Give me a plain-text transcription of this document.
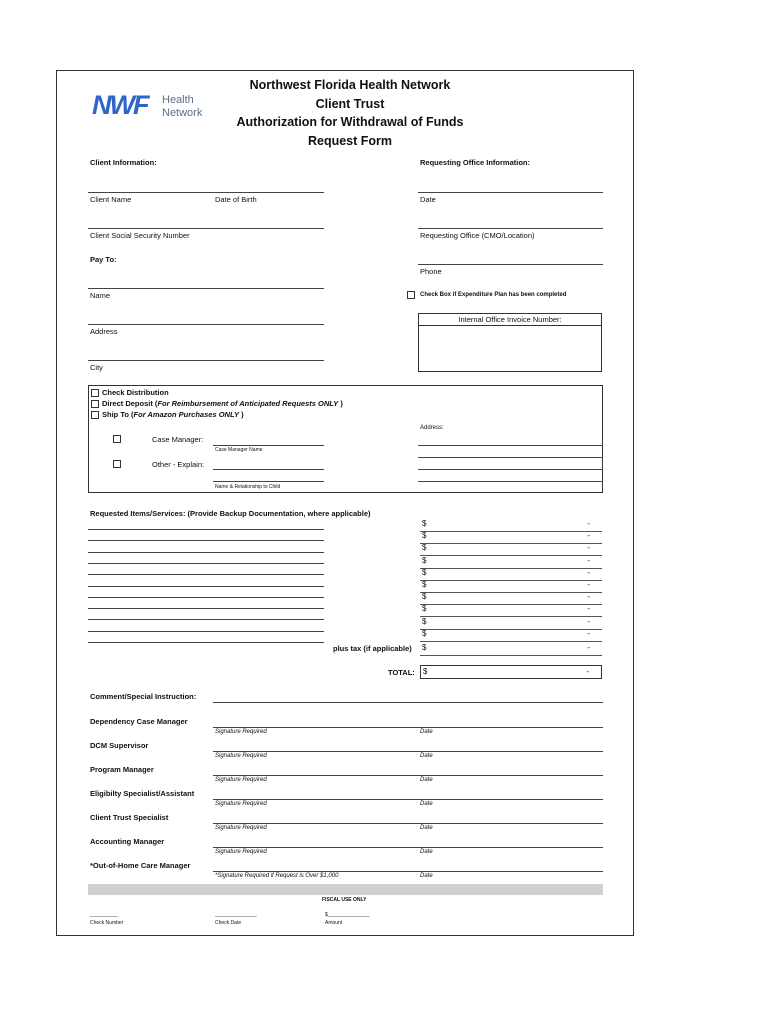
NWF Health
Network
Northwest Florida Health Network
Client Trust
Authorization for Withdrawal of Funds
Request Form
Client Information:	Requesting Office Information:
Client Name	Date of Birth	Date
Client Social Security Number	Requesting Office (CMO/Location)
Pay To:
Phone
Name	Check Box if Expenditure Plan has been completed
Internal Office Invoice Number:
Address
City
Check Distribution
Direct Deposit (For Reimbursement of Anticipated Requests ONLY )
Ship To (For Amazon Purchases ONLY )
Address:
Case Manager:
Case Manager Name
Other - Explain:
Name & Relationship to Child
Requested Items/Services: (Provide Backup Documentation, where applicable)
$	-
$	-
$	-
$	-
$	-
$	-
$	-
$	-
$	-
$	-
plus tax (if applicable) $	-
TOTAL: $	-
Comment/Special Instruction:
Dependency Case Manager
Signature Required	Date
DCM Supervisor
Signature Required	Date
Program Manager
Signature Required	Date
Eligibilty Specialist/Assistant
Signature Required	Date
Client Trust Specialist
Signature Required	Date
Accounting Manager
Signature Required	Date
*Out-of-Home Care Manager
*Signature Required if Request is Over $1,000	Date
FISCAL USE ONLY
__________
Check Number
_______________
Check Date
$_______________
Amount
